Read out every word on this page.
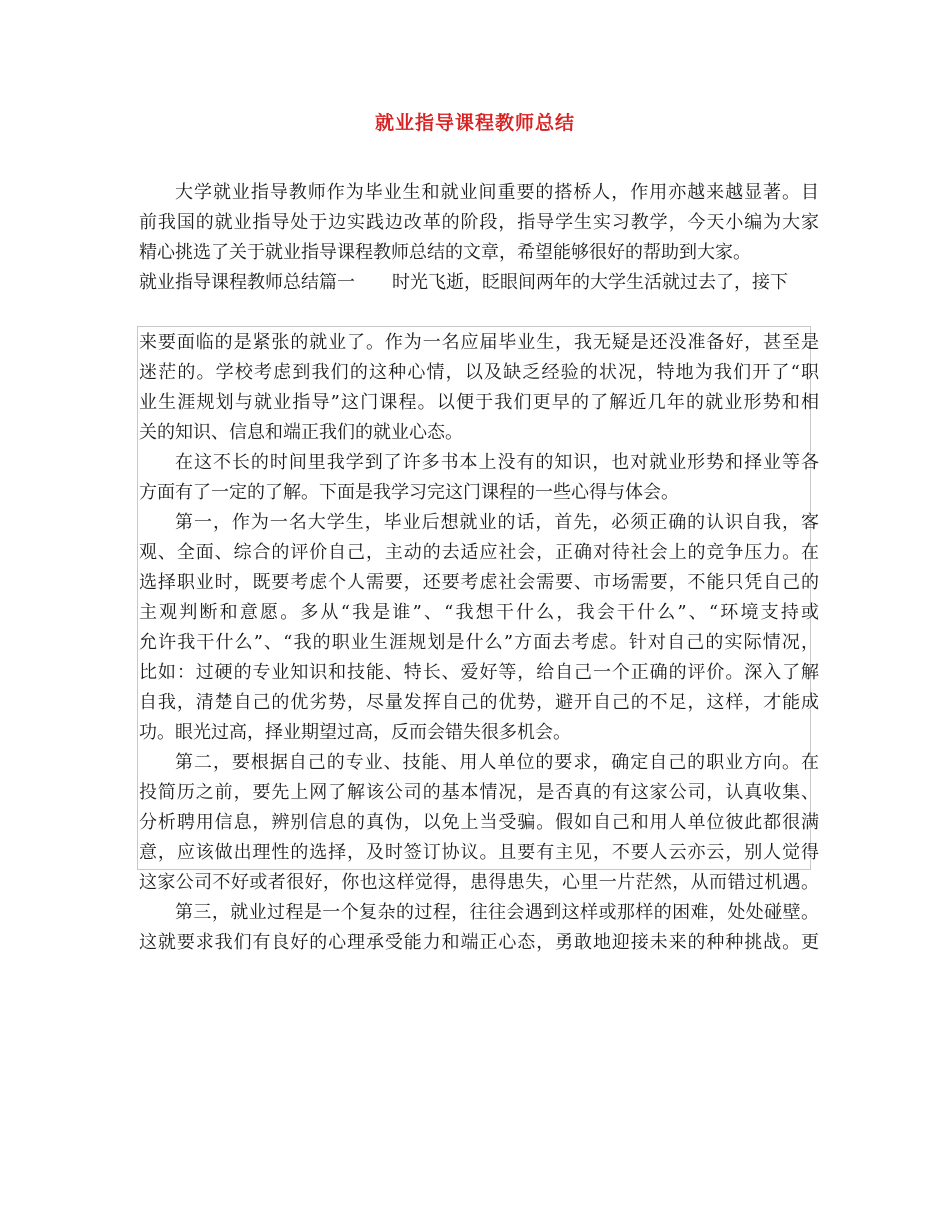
就业指导课程教师总结
大学就业指导教师作为毕业生和就业间重要的搭桥人，作用亦越来越显著。目
前我国的就业指导处于边实践边改革的阶段，指导学生实习教学，今天小编为大家
精心挑选了关于就业指导课程教师总结的文章，希望能够很好的帮助到大家。
就业指导课程教师总结篇一 时光飞逝，眨眼间两年的大学生活就过去了，接下
来要面临的是紧张的就业了。作为一名应届毕业生，我无疑是还没准备好，甚至是
迷茫的。学校考虑到我们的这种心情，以及缺乏经验的状况，特地为我们开了“职
业生涯规划与就业指导”这门课程。以便于我们更早的了解近几年的就业形势和相
关的知识、信息和端正我们的就业心态。
在这不长的时间里我学到了许多书本上没有的知识，也对就业形势和择业等各
方面有了一定的了解。下面是我学习完这门课程的一些心得与体会。
第一，作为一名大学生，毕业后想就业的话，首先，必须正确的认识自我，客
观、全面、综合的评价自己，主动的去适应社会，正确对待社会上的竞争压力。在
选择职业时，既要考虑个人需要，还要考虑社会需要、市场需要，不能只凭自己的
主观判断和意愿。多从“我是谁”、“我想干什么，我会干什么”、“环境支持或
允许我干什么”、“我的职业生涯规划是什么”方面去考虑。针对自己的实际情况，
比如：过硬的专业知识和技能、特长、爱好等，给自己一个正确的评价。深入了解
自我，清楚自己的优劣势，尽量发挥自己的优势，避开自己的不足，这样，才能成
功。眼光过高，择业期望过高，反而会错失很多机会。
第二，要根据自己的专业、技能、用人单位的要求，确定自己的职业方向。在
投简历之前，要先上网了解该公司的基本情况，是否真的有这家公司，认真收集、
分析聘用信息，辨别信息的真伪，以免上当受骗。假如自己和用人单位彼此都很满
意，应该做出理性的选择，及时签订协议。且要有主见，不要人云亦云，别人觉得
这家公司不好或者很好，你也这样觉得，患得患失，心里一片茫然，从而错过机遇。
第三，就业过程是一个复杂的过程，往往会遇到这样或那样的困难，处处碰壁。
这就要求我们有良好的心理承受能力和端正心态，勇敢地迎接未来的种种挑战。更
